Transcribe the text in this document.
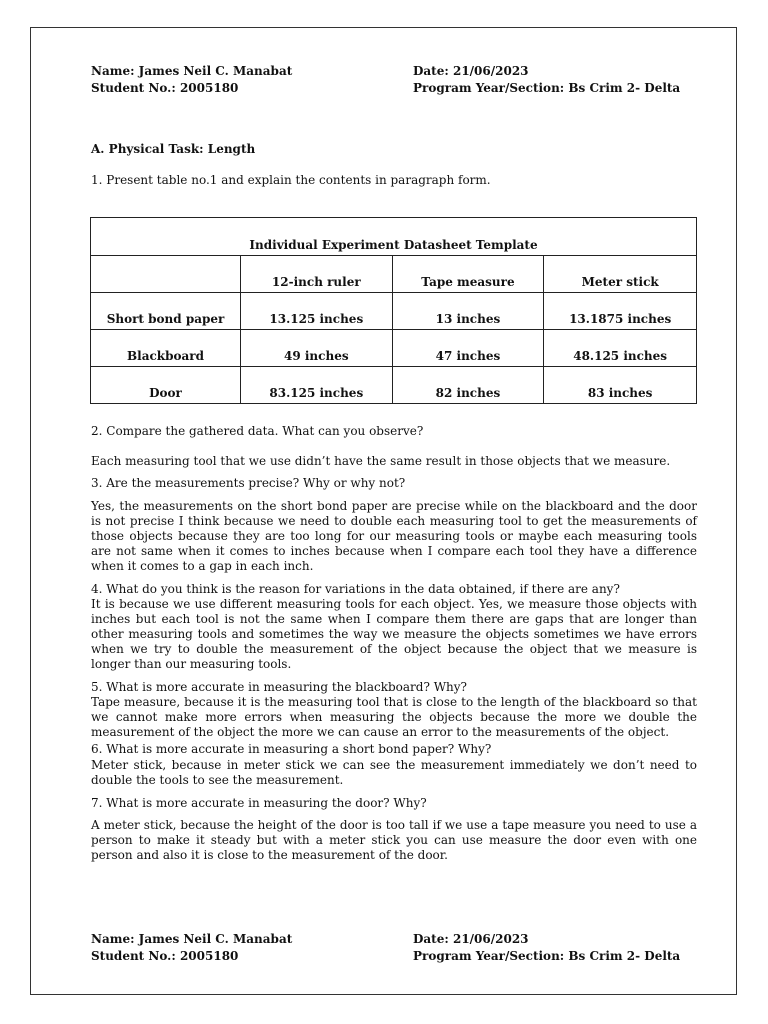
Name: James Neil C. Manabat	Date: 21/06/2023
Student No.: 2005180	Program Year/Section: Bs Crim 2- Delta
A. Physical Task: Length
1. Present table no.1 and explain the contents in paragraph form.
Individual Experiment Datasheet Template			
	12-inch ruler	Tape measure	Meter stick
Short bond paper	13.125 inches	13 inches	13.1875 inches
Blackboard	49 inches	47 inches	48.125 inches
Door	83.125 inches	82 inches	83 inches
2. Compare the gathered data. What can you observe?
Each measuring tool that we use didn’t have the same result in those objects that we measure.
3. Are the measurements precise? Why or why not?
Yes, the measurements on the short bond paper are precise while on the blackboard and the door is not precise I think because we need to double each measuring tool to get the measurements of those objects because they are too long for our measuring tools or maybe each measuring tools are not same when it comes to inches because when I compare each tool they have a difference when it comes to a gap in each inch.
4. What do you think is the reason for variations in the data obtained, if there are any?
It is because we use different measuring tools for each object. Yes, we measure those objects with inches but each tool is not the same when I compare them there are gaps that are longer than other measuring tools and sometimes the way we measure the objects sometimes we have errors when we try to double the measurement of the object because the object that we measure is longer than our measuring tools.
5. What is more accurate in measuring the blackboard? Why?
Tape measure, because it is the measuring tool that is close to the length of the blackboard so that we cannot make more errors when measuring the objects because the more we double the measurement of the object the more we can cause an error to the measurements of the object.
6. What is more accurate in measuring a short bond paper? Why?
Meter stick, because in meter stick we can see the measurement immediately we don’t need to double the tools to see the measurement.
7. What is more accurate in measuring the door? Why?
A meter stick, because the height of the door is too tall if we use a tape measure you need to use a person to make it steady but with a meter stick you can use measure the door even with one person and also it is close to the measurement of the door.
Name: James Neil C. Manabat	Date: 21/06/2023
Student No.: 2005180	Program Year/Section: Bs Crim 2- Delta
